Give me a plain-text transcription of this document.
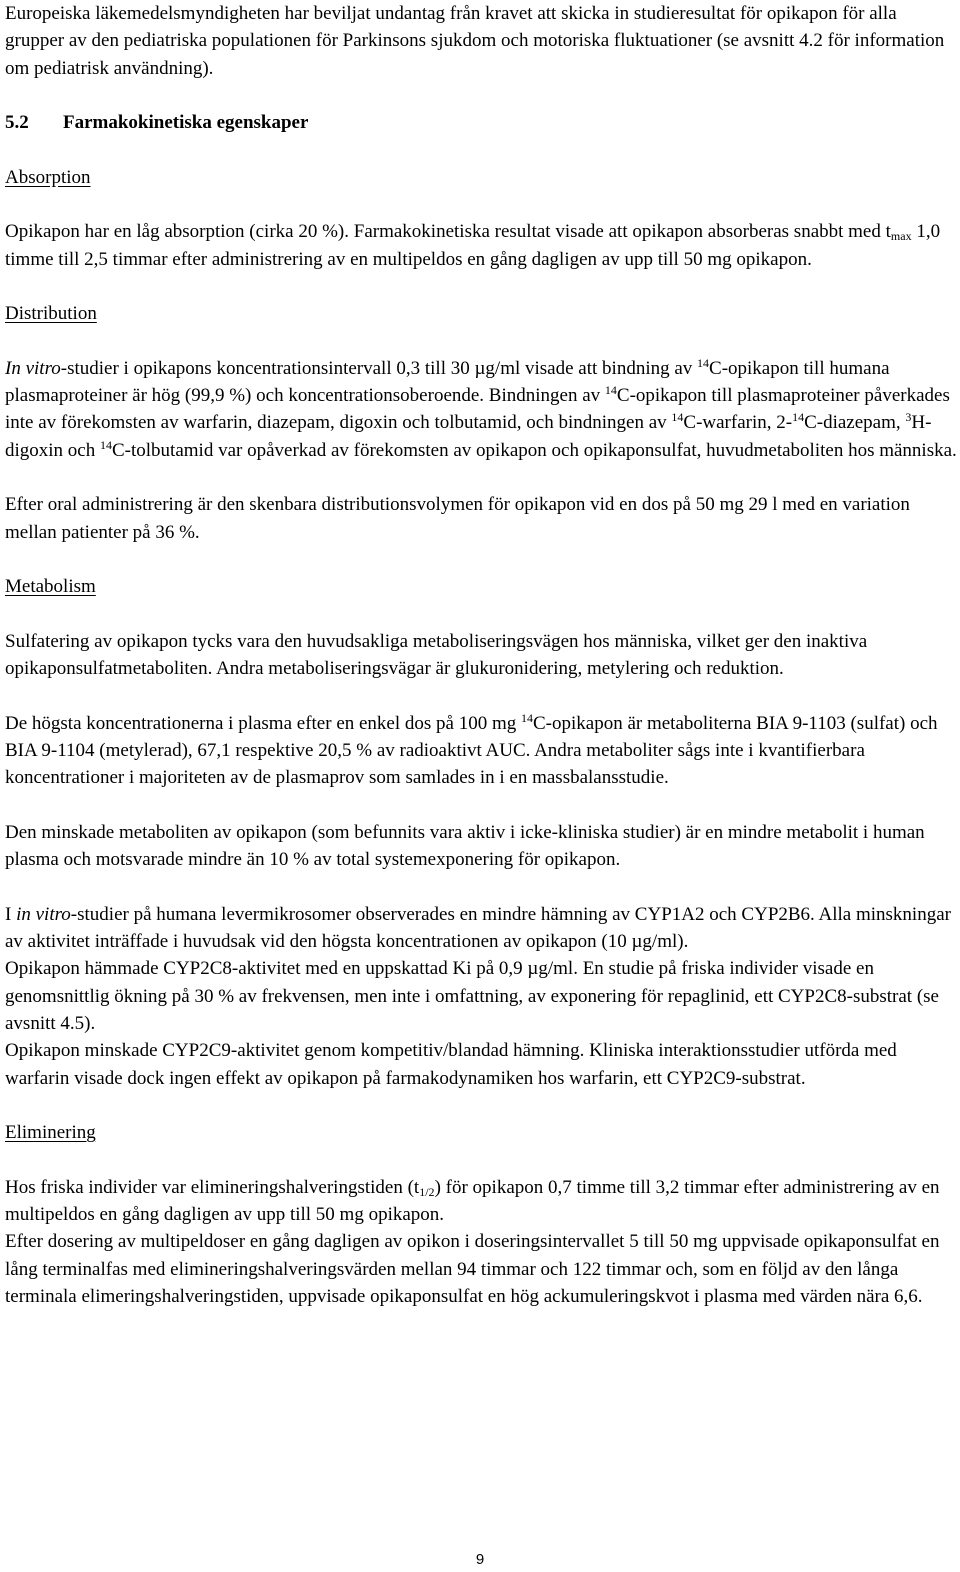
Europeiska läkemedelsmyndigheten har beviljat undantag från kravet att skicka in studieresultat för opikapon för alla grupper av den pediatriska populationen för Parkinsons sjukdom och motoriska fluktuationer (se avsnitt 4.2 för information om pediatrisk användning).

5.2 Farmakokinetiska egenskaper

Absorption

Opikapon har en låg absorption (cirka 20 %). Farmakokinetiska resultat visade att opikapon absorberas snabbt med $t_{max}$ 1,0 timme till 2,5 timmar efter administrering av en multipeldos en gång dagligen av upp till 50 mg opikapon.

Distribution

In vitro-studier i opikapons koncentrationsintervall 0,3 till 30 µg/ml visade att bindning av $^{14}$C-opikapon till humana plasmaproteiner är hög (99,9 %) och koncentrationsoberoende. Bindningen av $^{14}$C-opikapon till plasmaproteiner påverkades inte av förekomsten av warfarin, diazepam, digoxin och tolbutamid, och bindningen av $^{14}$C-warfarin, 2-$^{14}$C-diazepam, $^3$H-digoxin och $^{14}$C-tolbutamid var opåverkad av förekomsten av opikapon och opikaponsulfat, huvudmetaboliten hos människa.

Efter oral administrering är den skenbara distributionsvolymen för opikapon vid en dos på 50 mg 29 l med en variation mellan patienter på 36 %.

Metabolism

Sulfatering av opikapon tycks vara den huvudsakliga metaboliseringsvägen hos människa, vilket ger den inaktiva opikaponsulfatmetaboliten. Andra metaboliseringsvägar är glukuronidering, metylering och reduktion.

De högsta koncentrationerna i plasma efter en enkel dos på 100 mg $^{14}$C-opikapon är metaboliterna BIA 9-1103 (sulfat) och BIA 9-1104 (metylerad), 67,1 respektive 20,5 % av radioaktivt AUC. Andra metaboliter sågs inte i kvantifierbara koncentrationer i majoriteten av de plasmaprov som samlades in i en massbalansstudie.

Den minskade metaboliten av opikapon (som befunnits vara aktiv i icke-kliniska studier) är en mindre metabolit i human plasma och motsvarade mindre än 10 % av total systemexponering för opikapon.

I in vitro-studier på humana levermikrosomer observerades en mindre hämning av CYP1A2 och CYP2B6. Alla minskningar av aktivitet inträffade i huvudsak vid den högsta koncentrationen av opikapon (10 µg/ml).

Opikapon hämmade CYP2C8-aktivitet med en uppskattad Ki på 0,9 µg/ml. En studie på friska individer visade en genomsnittlig ökning på 30 % av frekvensen, men inte i omfattning, av exponering för repaglinid, ett CYP2C8-substrat (se avsnitt 4.5).

Opikapon minskade CYP2C9-aktivitet genom kompetitiv/blandad hämning. Kliniska interaktionsstudier utförda med warfarin visade dock ingen effekt av opikapon på farmakodynamiken hos warfarin, ett CYP2C9-substrat.

Eliminering

Hos friska individer var elimineringshalveringstiden $(t_{1/2})$ för opikapon 0,7 timme till 3,2 timmar efter administrering av en multipeldos en gång dagligen av upp till 50 mg opikapon.

Efter dosering av multipeldoser en gång dagligen av opikon i doseringsintervallet 5 till 50 mg uppvisade opikaponsulfat en lång terminalfas med elimineringshalveringsvärden mellan 94 timmar och 122 timmar och, som en följd av den långa terminala elimeringshalveringstiden, uppvisade opikaponsulfat en hög ackumuleringskvot i plasma med värden nära 6,6.

9
